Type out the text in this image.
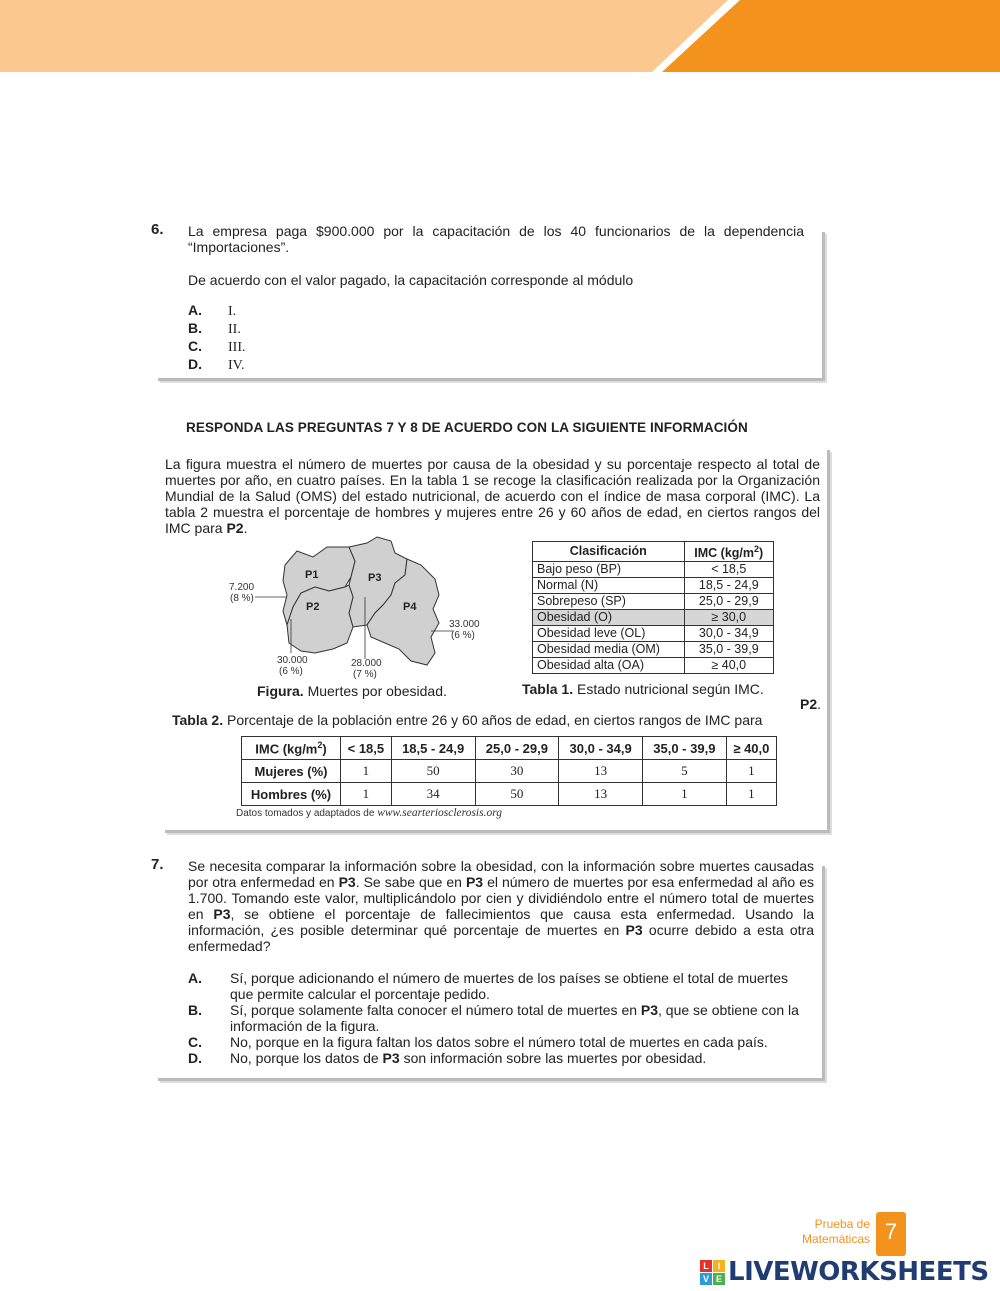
6. La empresa paga $900.000 por la capacitación de los 40 funcionarios de la dependencia “Importaciones”.
De acuerdo con el valor pagado, la capacitación corresponde al módulo
A. I.
B. II.
C. III.
D. IV.
RESPONDA LAS PREGUNTAS 7 Y 8 DE ACUERDO CON LA SIGUIENTE INFORMACIÓN
La figura muestra el número de muertes por causa de la obesidad y su porcentaje respecto al total de muertes por año, en cuatro países. En la tabla 1 se recoge la clasificación realizada por la Organización Mundial de la Salud (OMS) del estado nutricional, de acuerdo con el índice de masa corporal (IMC). La tabla 2 muestra el porcentaje de hombres y mujeres entre 26 y 60 años de edad, en ciertos rangos del IMC para P2.
P1	P3
P2	P4
7.200
(8 %)
33.000
(6 %)
30.000
(6 %)
28.000
(7 %)
Figura. Muertes por obesidad.
Clasificación	IMC $(kg/m^2)$
Bajo peso (BP)	< 18,5
Normal (N)	18,5 - 24,9
Sobrepeso (SP)	25,0 - 29,9
Obesidad (O)	≥ 30,0
Obesidad leve (OL)	30,0 - 34,9
Obesidad media (OM)	35,0 - 39,9
Obesidad alta (OA)	≥ 40,0
Tabla 1. Estado nutricional según IMC.
Tabla 2. Porcentaje de la población entre 26 y 60 años de edad, en ciertos rangos de IMC para
P2.
IMC $(kg/m^2)$	< 18,5	18,5 - 24,9	25,0 - 29,9	30,0 - 34,9	35,0 - 39,9	≥ 40,0
Mujeres (%)	1	50	30	13	5	1
Hombres (%)	1	34	50	13	1	1
Datos tomados y adaptados de www.searteriosclerosis.org
7. Se necesita comparar la información sobre la obesidad, con la información sobre muertes causadas por otra enfermedad en P3. Se sabe que en P3 el número de muertes por esa enfermedad al año es 1.700. Tomando este valor, multiplicándolo por cien y dividiéndolo entre el número total de muertes en P3, se obtiene el porcentaje de fallecimientos que causa esta enfermedad. Usando la información, ¿es posible determinar qué porcentaje de muertes en P3 ocurre debido a esta otra enfermedad?
A.	Sí, porque adicionando el número de muertes de los países se obtiene el total de muertes que permite calcular el porcentaje pedido.
B.	Sí, porque solamente falta conocer el número total de muertes en P3, que se obtiene con la información de la figura.
C.	No, porque en la figura faltan los datos sobre el número total de muertes en cada país.
D.	No, porque los datos de P3 son información sobre las muertes por obesidad.
Prueba de
Matemáticas 7
L I
V E LIVEWORKSHEETS
